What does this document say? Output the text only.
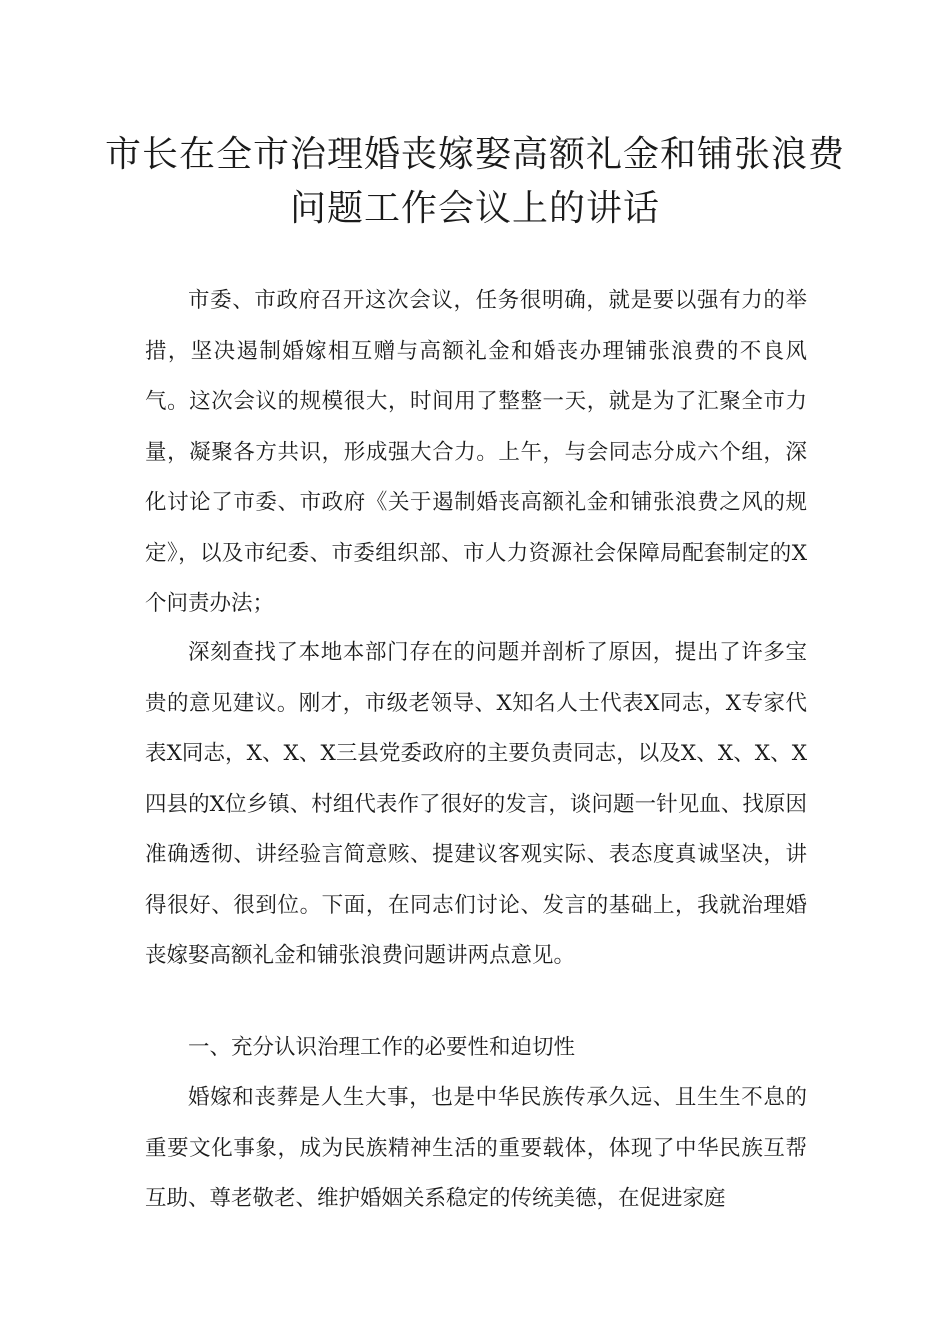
市长在全市治理婚丧嫁娶高额礼金和铺张浪费问题工作会议上的讲话

市委、市政府召开这次会议，任务很明确，就是要以强有力的举措，坚决遏制婚嫁相互赠与高额礼金和婚丧办理铺张浪费的不良风气。这次会议的规模很大，时间用了整整一天，就是为了汇聚全市力量，凝聚各方共识，形成强大合力。上午，与会同志分成六个组，深化讨论了市委、市政府《关于遏制婚丧高额礼金和铺张浪费之风的规定》，以及市纪委、市委组织部、市人力资源社会保障局配套制定的X个问责办法；

深刻查找了本地本部门存在的问题并剖析了原因，提出了许多宝贵的意见建议。刚才，市级老领导、X知名人士代表X同志，X专家代表X同志，X、X、X三县党委政府的主要负责同志，以及X、X、X、X四县的X位乡镇、村组代表作了很好的发言，谈问题一针见血、找原因准确透彻、讲经验言简意赅、提建议客观实际、表态度真诚坚决，讲得很好、很到位。下面，在同志们讨论、发言的基础上，我就治理婚丧嫁娶高额礼金和铺张浪费问题讲两点意见。

一、充分认识治理工作的必要性和迫切性

婚嫁和丧葬是人生大事，也是中华民族传承久远、且生生不息的重要文化事象，成为民族精神生活的重要载体，体现了中华民族互帮互助、尊老敬老、维护婚姻关系稳定的传统美德，在促进家庭
